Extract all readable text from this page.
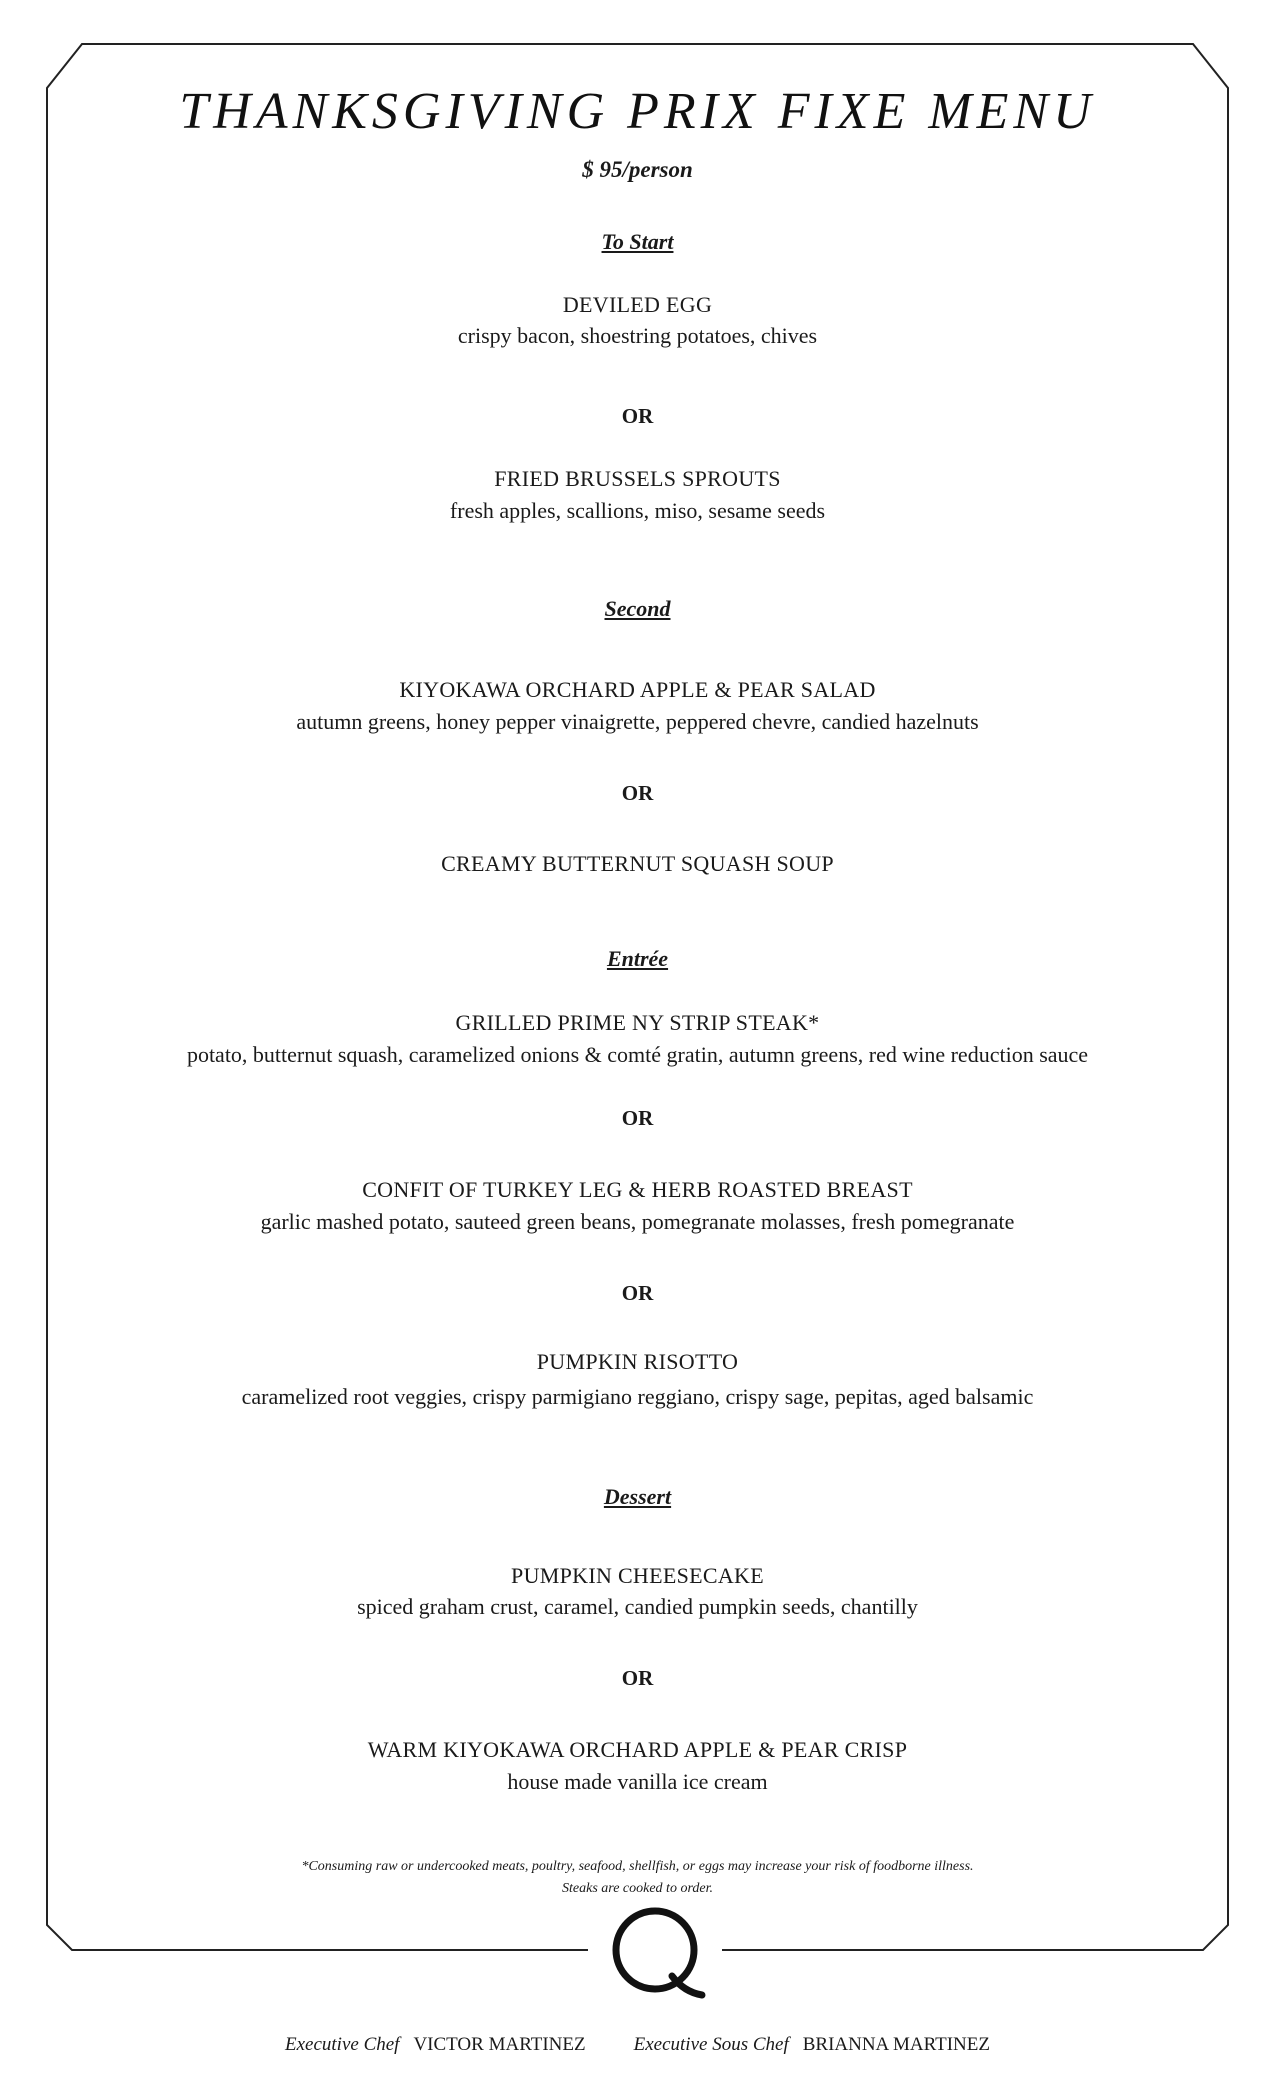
THANKSGIVING PRIX FIXE MENU
$ 95/person
To Start
DEVILED EGG
crispy bacon, shoestring potatoes, chives
OR
FRIED BRUSSELS SPROUTS
fresh apples, scallions, miso, sesame seeds
Second
KIYOKAWA ORCHARD APPLE & PEAR SALAD
autumn greens, honey pepper vinaigrette, peppered chevre, candied hazelnuts
OR
CREAMY BUTTERNUT SQUASH SOUP
Entrée
GRILLED PRIME NY STRIP STEAK*
potato, butternut squash, caramelized onions & comté gratin, autumn greens, red wine reduction sauce
OR
CONFIT OF TURKEY LEG & HERB ROASTED BREAST
garlic mashed potato, sauteed green beans, pomegranate molasses, fresh pomegranate
OR
PUMPKIN RISOTTO
caramelized root veggies, crispy parmigiano reggiano, crispy sage, pepitas, aged balsamic
Dessert
PUMPKIN CHEESECAKE
spiced graham crust, caramel, candied pumpkin seeds, chantilly
OR
WARM KIYOKAWA ORCHARD APPLE & PEAR CRISP
house made vanilla ice cream
*Consuming raw or undercooked meats, poultry, seafood, shellfish, or eggs may increase your risk of foodborne illness.
Steaks are cooked to order.
Executive Chef VICTOR MARTINEZ	Executive Sous Chef BRIANNA MARTINEZ
